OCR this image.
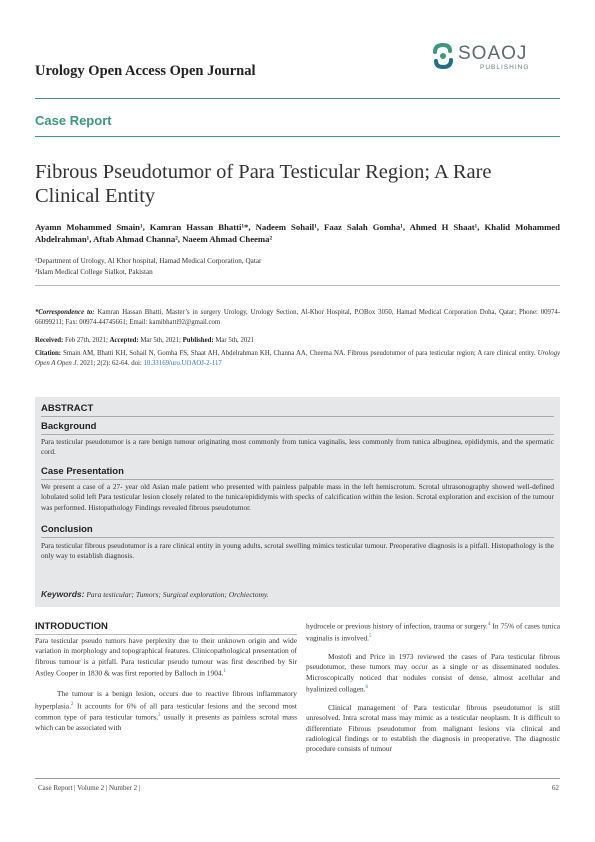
Urology Open Access Open Journal
SOAOJ
PUBLISHING
Case Report
Fibrous Pseudotumor of Para Testicular Region; A Rare
Clinical Entity
Ayamn Mohammed Smain¹, Kamran Hassan Bhatti¹*, Nadeem Sohail¹, Faaz Salah Gomha¹, Ahmed H Shaat¹, Khalid Mohammed Abdelrahman¹, Aftab Ahmad Channa², Naeem Ahmad Cheema²
¹Department of Urology, Al Khor hospital, Hamad Medical Corporation, Qatar
²Islam Medical College Sialkot, Pakistan
*Correspondence to: Kamran Hassan Bhatti, Master’s in surgery Urology, Urology Section, Al-Khor Hospital, P.OBox 3050, Hamad Medical Corporation Doha, Qatar; Phone: 00974-66099211; Fax: 00974-44745661; Email: kamibhatti92@gmail.com
Received: Feb 27th, 2021; Accepted: Mar 5th, 2021; Published: Mar 5th, 2021
Citation: Smain AM, Bhatti KH, Sohail N, Gomha FS, Shaat AH, Abdelrahman KH, Channa AA, Cheema NA. Fibrous pseudotumor of para testicular region; A rare clinical entity. Urology Open A Open J. 2021; 2(2): 62-64. doi: 10.33169/uro.UOAOJ-2-117
ABSTRACT
Background
Para testicular pseudotumor is a rare benign tumour originating most commonly from tunica vaginalis, less commonly from tunica albuginea, epididymis, and the spermatic cord.
Case Presentation
We present a case of a 27- year old Asian male patient who presented with painless palpable mass in the left hemiscrotum. Scrotal ultrasonography showed well-defined lobulated solid left Para testicular lesion closely related to the tunica/epididymis with specks of calcification within the lesion. Scrotal exploration and excision of the tumour was performed. Histopathology Findings revealed fibrous pseudotumor.
Conclusion
Para testicular fibrous pseudotumor is a rare clinical entity in young adults, scrotal swelling mimics testicular tumour. Preoperative diagnosis is a pitfall. Histopathology is the only way to establish diagnosis.
Keywords: Para testicular; Tumors; Surgical exploration; Orchiectomy.
INTRODUCTION

Para testicular pseudo tumors have perplexity due to their unknown origin and wide variation in morphology and topographical features. Clinicopathological presentation of fibrous tumour is a pitfall. Para testicular pseudo tumour was first described by Sir Astley Cooper in 1830 & was first reported by Balloch in 1904.$^1$

The tumour is a benign lesion, occurs due to reactive fibrous inflammatory hyperplasia.$^2$ It accounts for 6% of all para testicular lesions and the second most common type of para testicular tumors,$^3$ usually it presents as painless scrotal mass which can be associated with

hydrocele or previous history of infection, trauma or surgery.$^4$ In 75% of cases tunica vaginalis is involved.$^5$

Mostofi and Price in 1973 reviewed the cases of Para testicular fibrous pseudotumor, these tumors may occur as a single or as disseminated nodules. Microscopically noticed that nodules consist of dense, almost acellular and hyalinized collagen.$^6$

Clinical management of Para testicular fibrous pseudotumor is still unresolved. Intra scrotal mass may mimic as a testicular neoplasm. It is difficult to differentiate Fibrous pseudotumor from malignant lesions via clinical and radiological findings or to establish the diagnosis in preoperative. The diagnostic procedure consists of tumour

Case Report | Volume 2 | Number 2 |	62
